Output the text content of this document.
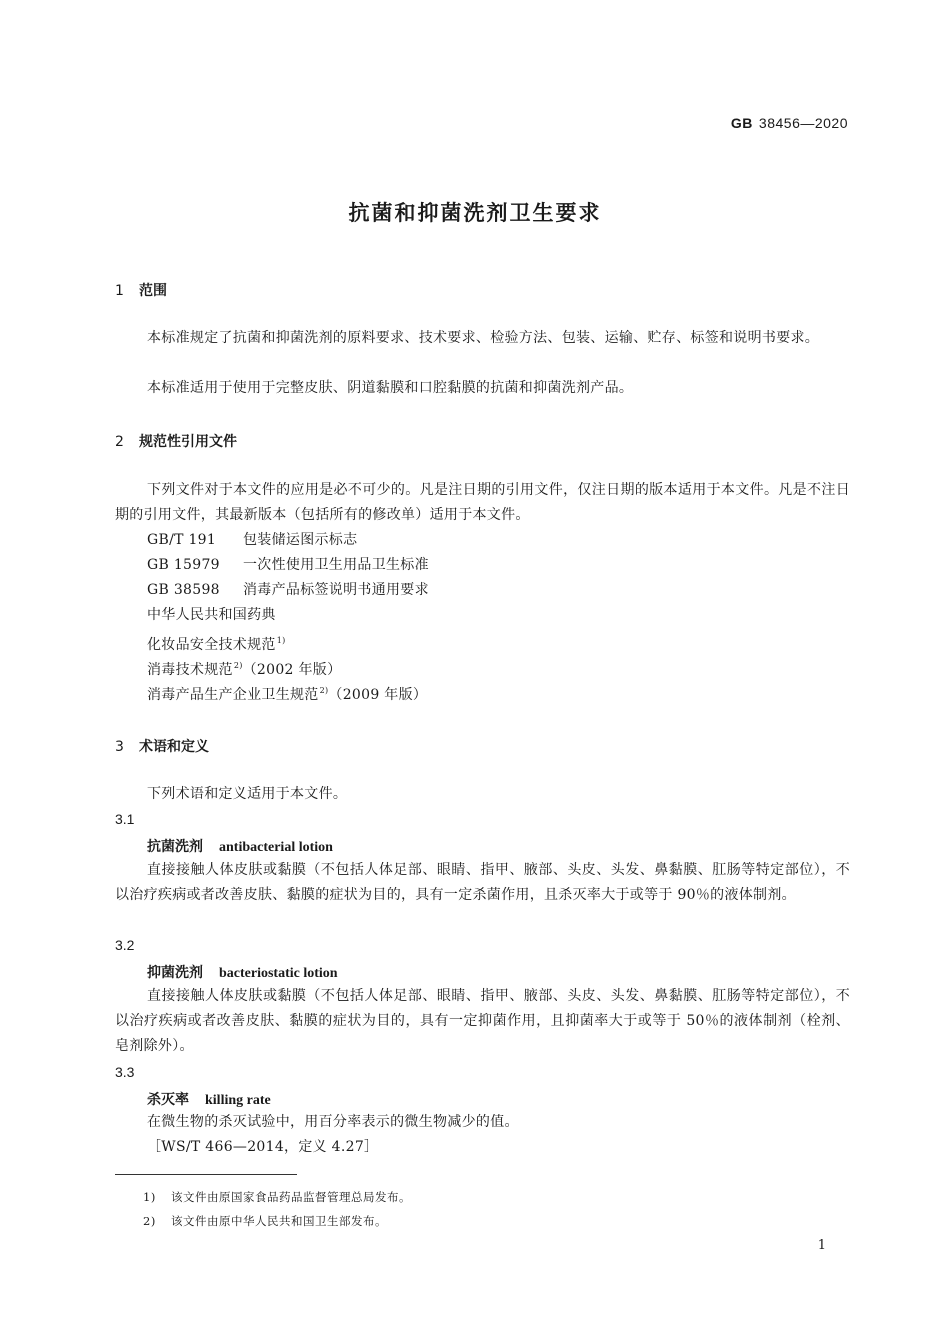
GB 38456—2020
抗菌和抑菌洗剂卫生要求
1 范围
本标准规定了抗菌和抑菌洗剂的原料要求、技术要求、检验方法、包装、运输、贮存、标签和说明书要求。
本标准适用于使用于完整皮肤、阴道黏膜和口腔黏膜的抗菌和抑菌洗剂产品。
2 规范性引用文件
下列文件对于本文件的应用是必不可少的。凡是注日期的引用文件，仅注日期的版本适用于本文件。凡是不注日期的引用文件，其最新版本（包括所有的修改单）适用于本文件。
GB/T 191 包装储运图示标志
GB 15979 一次性使用卫生用品卫生标准
GB 38598 消毒产品标签说明书通用要求
中华人民共和国药典
化妆品安全技术规范$^{1)}$
消毒技术规范$^{2)}$（2002 年版）
消毒产品生产企业卫生规范$^{2)}$（2009 年版）
3 术语和定义
下列术语和定义适用于本文件。
3.1
抗菌洗剂 antibacterial lotion
直接接触人体皮肤或黏膜（不包括人体足部、眼睛、指甲、腋部、头皮、头发、鼻黏膜、肛肠等特定部位），不以治疗疾病或者改善皮肤、黏膜的症状为目的，具有一定杀菌作用，且杀灭率大于或等于 90％的液体制剂。
3.2
抑菌洗剂 bacteriostatic lotion
直接接触人体皮肤或黏膜（不包括人体足部、眼睛、指甲、腋部、头皮、头发、鼻黏膜、肛肠等特定部位），不以治疗疾病或者改善皮肤、黏膜的症状为目的，具有一定抑菌作用，且抑菌率大于或等于 50％的液体制剂（栓剂、皂剂除外）。
3.3
杀灭率 killing rate
在微生物的杀灭试验中，用百分率表示的微生物减少的值。
［WS/T 466—2014，定义 4.27］
1) 该文件由原国家食品药品监督管理总局发布。
2) 该文件由原中华人民共和国卫生部发布。
1
